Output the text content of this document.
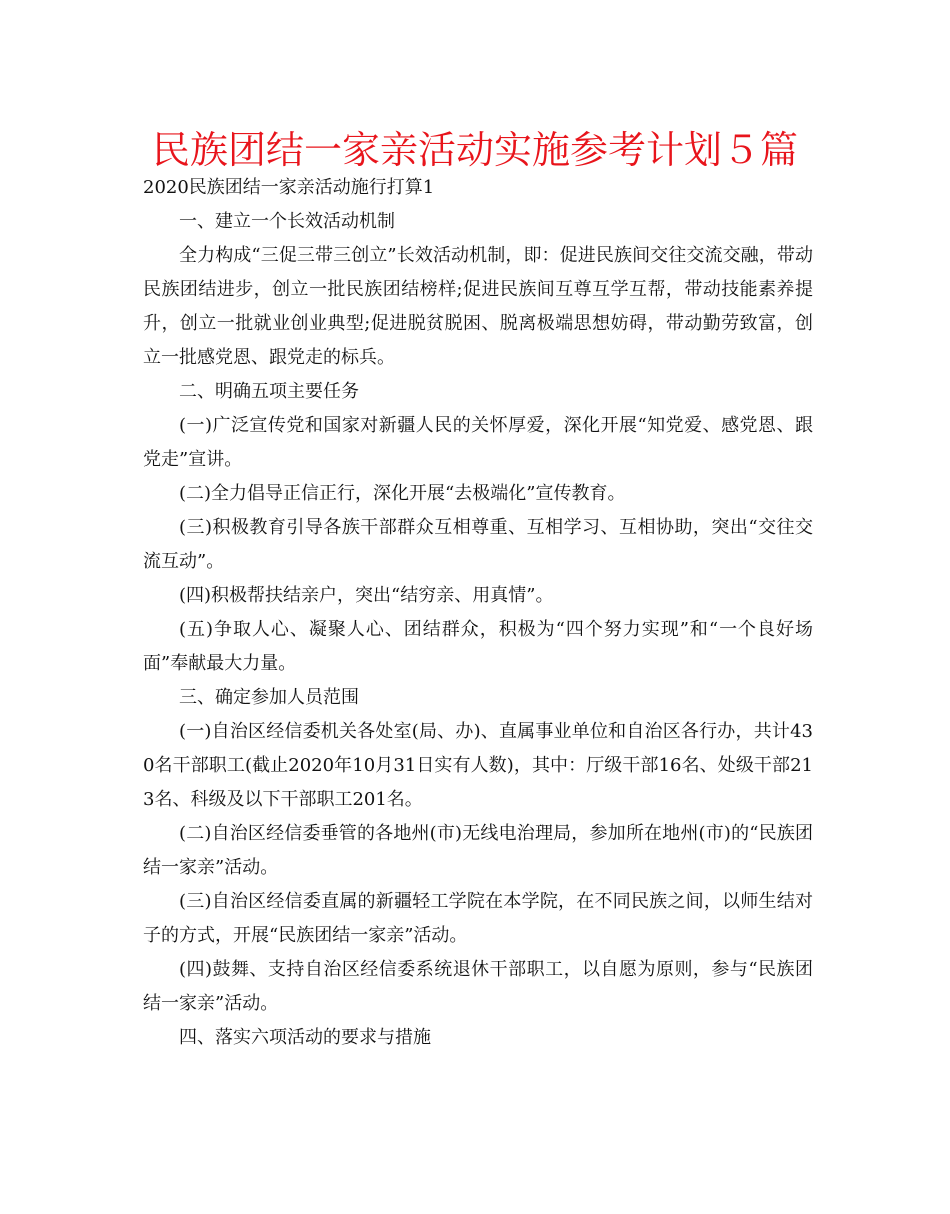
民族团结一家亲活动实施参考计划５篇

2020民族团结一家亲活动施行打算1

一、建立一个长效活动机制

全力构成“三促三带三创立”长效活动机制，即：促进民族间交往交流交融，带动民族团结进步，创立一批民族团结榜样;促进民族间互尊互学互帮，带动技能素养提升，创立一批就业创业典型;促进脱贫脱困、脱离极端思想妨碍，带动勤劳致富，创立一批感党恩、跟党走的标兵。

二、明确五项主要任务

(一)广泛宣传党和国家对新疆人民的关怀厚爱，深化开展“知党爱、感党恩、跟党走”宣讲。

(二)全力倡导正信正行，深化开展“去极端化”宣传教育。

(三)积极教育引导各族干部群众互相尊重、互相学习、互相协助，突出“交往交流互动”。

(四)积极帮扶结亲户，突出“结穷亲、用真情”。

(五)争取人心、凝聚人心、团结群众，积极为“四个努力实现”和“一个良好场面”奉献最大力量。

三、确定参加人员范围

(一)自治区经信委机关各处室(局、办)、直属事业单位和自治区各行办，共计430名干部职工(截止2020年10月31日实有人数)，其中：厅级干部16名、处级干部213名、科级及以下干部职工201名。

(二)自治区经信委垂管的各地州(市)无线电治理局，参加所在地州(市)的“民族团结一家亲”活动。

(三)自治区经信委直属的新疆轻工学院在本学院，在不同民族之间，以师生结对子的方式，开展“民族团结一家亲”活动。

(四)鼓舞、支持自治区经信委系统退休干部职工，以自愿为原则，参与“民族团结一家亲”活动。

四、落实六项活动的要求与措施
